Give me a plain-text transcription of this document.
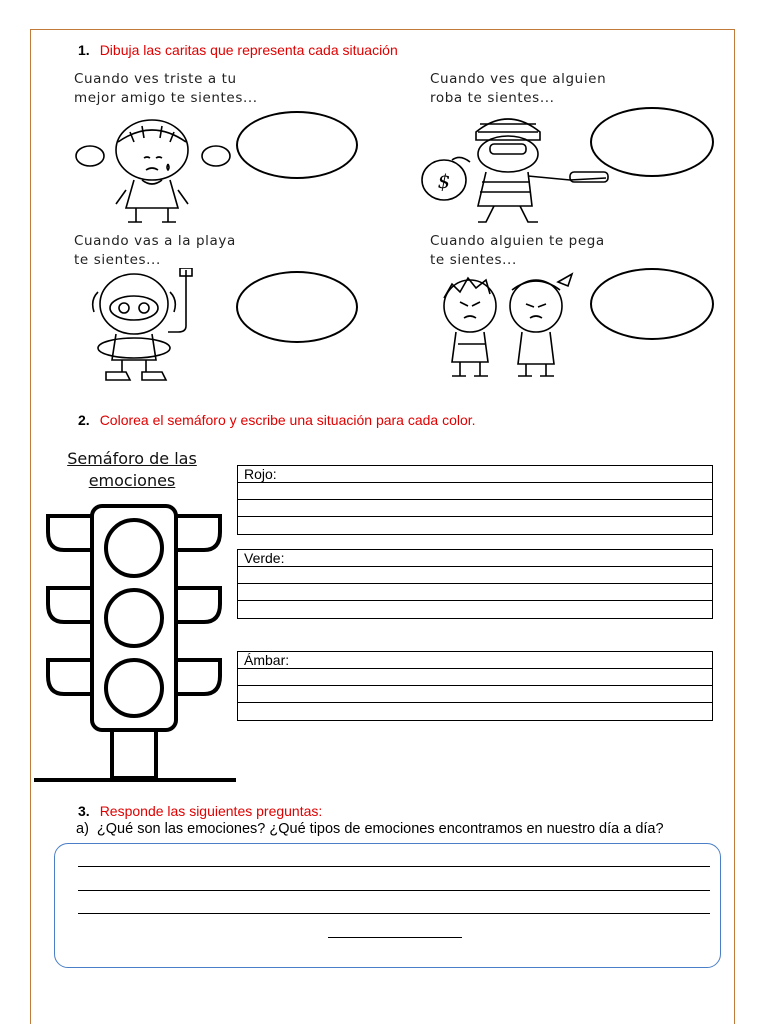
1. Dibuja las caritas que representa cada situación
Cuando ves triste a tu
mejor amigo te sientes...
Cuando ves que alguien
roba te sientes...
Cuando vas a la playa
te sientes...
Cuando alguien te pega
te sientes...
$
2. Colorea el semáforo y escribe una situación para cada color.
Semáforo de las
emociones	Rojo:
Verde:
Ámbar:
3. Responde las siguientes preguntas:
a) ¿Qué son las emociones? ¿Qué tipos de emociones encontramos en nuestro día a día?
